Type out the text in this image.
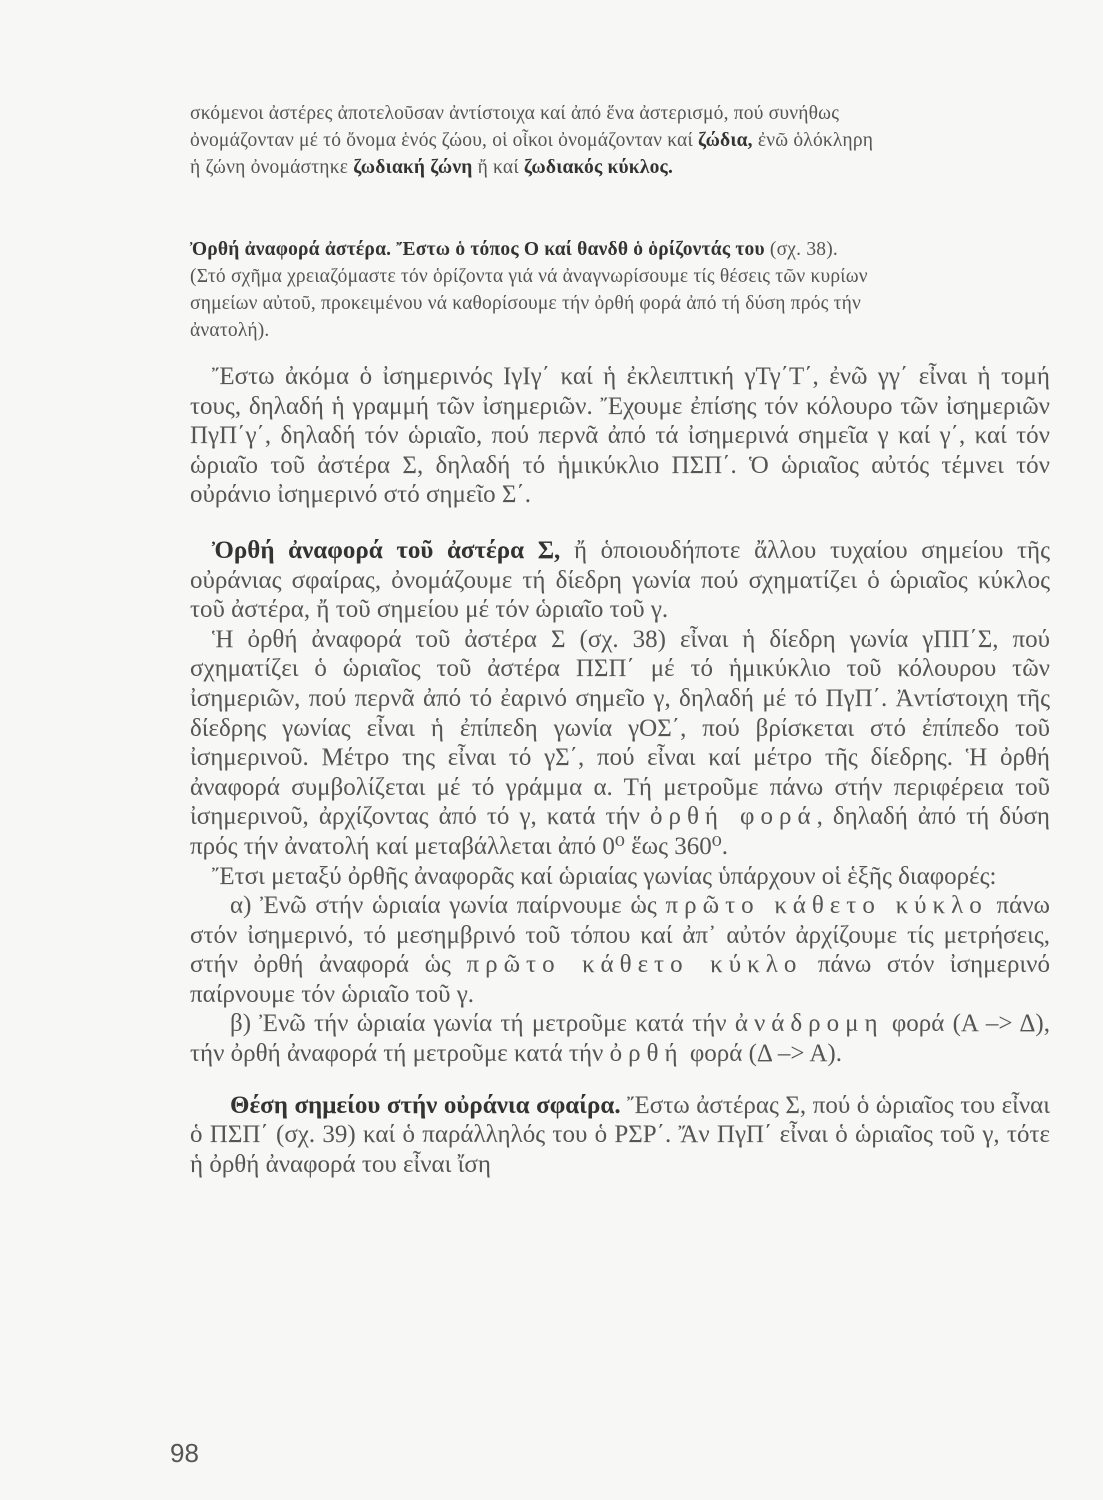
σκόμενοι ἀστέρες ἀποτελοῦσαν ἀντίστοιχα καί ἀπό ἕνα ἀστερισμό, πού συνήθως

ὀνομάζονταν μέ τό ὄνομα ἑνός ζώου, οἱ οἶκοι ὀνομάζονταν καί ζώδια, ἐνῶ ὁλόκληρη

ἡ ζώνη ὀνομάστηκε ζωδιακή ζώνη ἤ καί ζωδιακός κύκλος.

Ὀρθή ἀναφορά ἀστέρα. Ἔστω ὁ τόπος Ο καί θανδθ ὁ ὁρίζοντάς του (σχ. 38).

(Στό σχῆμα χρειαζόμαστε τόν ὁρίζοντα γιά νά ἀναγνωρίσουμε τίς θέσεις τῶν κυρίων

σημείων αὐτοῦ, προκειμένου νά καθορίσουμε τήν ὀρθή φορά ἀπό τή δύση πρός τήν

ἀνατολή).

Ἔστω ἀκόμα ὁ ἰσημερινός ΙγΙγ΄ καί ἡ ἐκλειπτική γΤγ΄Τ΄, ἐνῶ γγ΄ εἶναι ἡ τομή τους, δηλαδή ἡ γραμμή τῶν ἰσημεριῶν. Ἔχουμε ἐπίσης τόν κόλουρο τῶν ἰσημεριῶν ΠγΠ΄γ΄, δηλαδή τόν ὡριαῖο, πού περνᾶ ἀπό τά ἰσημερινά σημεῖα γ καί γ΄, καί τόν ὡριαῖο τοῦ ἀστέρα Σ, δηλαδή τό ἡμικύκλιο ΠΣΠ΄. Ὁ ὡριαῖος αὐτός τέμνει τόν οὐράνιο ἰσημερινό στό σημεῖο Σ΄.

Ὀρθή ἀναφορά τοῦ ἀστέρα Σ, ἤ ὁποιουδήποτε ἄλλου τυχαίου σημείου τῆς οὐράνιας σφαίρας, ὀνομάζουμε τή δίεδρη γωνία πού σχηματίζει ὁ ὡριαῖος κύκλος τοῦ ἀστέρα, ἤ τοῦ σημείου μέ τόν ὡριαῖο τοῦ γ.

Ἡ ὀρθή ἀναφορά τοῦ ἀστέρα Σ (σχ. 38) εἶναι ἡ δίεδρη γωνία γΠΠ΄Σ, πού σχηματίζει ὁ ὡριαῖος τοῦ ἀστέρα ΠΣΠ΄ μέ τό ἡμικύκλιο τοῦ κόλουρου τῶν ἰσημεριῶν, πού περνᾶ ἀπό τό ἐαρινό σημεῖο γ, δηλαδή μέ τό ΠγΠ΄. Ἀντίστοιχη τῆς δίεδρης γωνίας εἶναι ἡ ἐπίπεδη γωνία γΟΣ΄, πού βρίσκεται στό ἐπίπεδο τοῦ ἰσημερινοῦ. Μέτρο της εἶναι τό γΣ΄, πού εἶναι καί μέτρο τῆς δίεδρης. Ἡ ὀρθή ἀναφορά συμβολίζεται μέ τό γράμμα α. Τή μετροῦμε πάνω στήν περιφέρεια τοῦ ἰσημερινοῦ, ἀρχίζοντας ἀπό τό γ, κατά τήν ὀρθή φορά, δηλαδή ἀπό τή δύση πρός τήν ἀνατολή καί μεταβάλλεται ἀπό 0⁰ ἕως 360⁰.

Ἔτσι μεταξύ ὀρθῆς ἀναφορᾶς καί ὡριαίας γωνίας ὑπάρχουν οἱ ἑξῆς διαφορές:

α) Ἐνῶ στήν ὡριαία γωνία παίρνουμε ὡς πρῶτο κάθετο κύκλο πάνω στόν ἰσημερινό, τό μεσημβρινό τοῦ τόπου καί ἀπ᾽ αὐτόν ἀρχίζουμε τίς μετρήσεις, στήν ὀρθή ἀναφορά ὡς πρῶτο κάθετο κύκλο πάνω στόν ἰσημερινό παίρνουμε τόν ὡριαῖο τοῦ γ.

β) Ἐνῶ τήν ὡριαία γωνία τή μετροῦμε κατά τήν ἀνάδρομη φορά (Α –> Δ), τήν ὀρθή ἀναφορά τή μετροῦμε κατά τήν ὀρθή φορά (Δ –> Α).

Θέση σημείου στήν οὐράνια σφαίρα. Ἔστω ἀστέρας Σ, πού ὁ ὡριαῖος του εἶναι ὁ ΠΣΠ΄ (σχ. 39) καί ὁ παράλληλός του ὁ ΡΣΡ΄. Ἄν ΠγΠ΄ εἶναι ὁ ὡριαῖος τοῦ γ, τότε ἡ ὀρθή ἀναφορά του εἶναι ἴση

98
